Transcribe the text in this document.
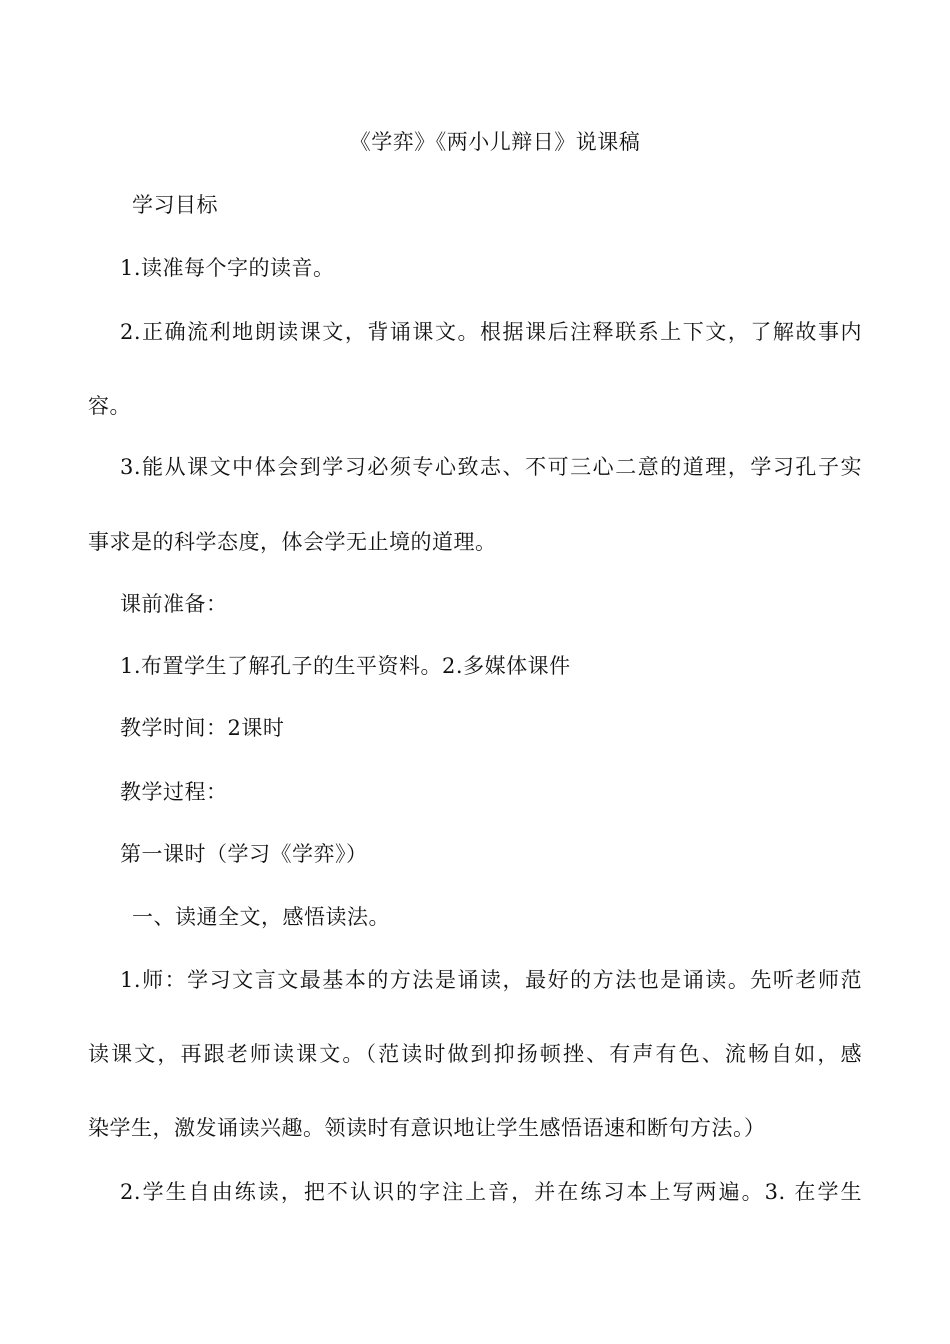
《学弈》《两小儿辩日》说课稿
学习目标
1.读准每个字的读音。
2.正确流利地朗读课文，背诵课文。根据课后注释联系上下文，了解故事内
容。
3.能从课文中体会到学习必须专心致志、不可三心二意的道理，学习孔子实
事求是的科学态度，体会学无止境的道理。
课前准备：
1.布置学生了解孔子的生平资料。2.多媒体课件
教学时间：2课时
教学过程：
第一课时（学习《学弈》）
一、读通全文，感悟读法。
1.师：学习文言文最基本的方法是诵读，最好的方法也是诵读。先听老师范
读课文，再跟老师读课文。（范读时做到抑扬顿挫、有声有色、流畅自如，感
染学生，激发诵读兴趣。领读时有意识地让学生感悟语速和断句方法。）
2.学生自由练读，把不认识的字注上音，并在练习本上写两遍。3. 在学生
